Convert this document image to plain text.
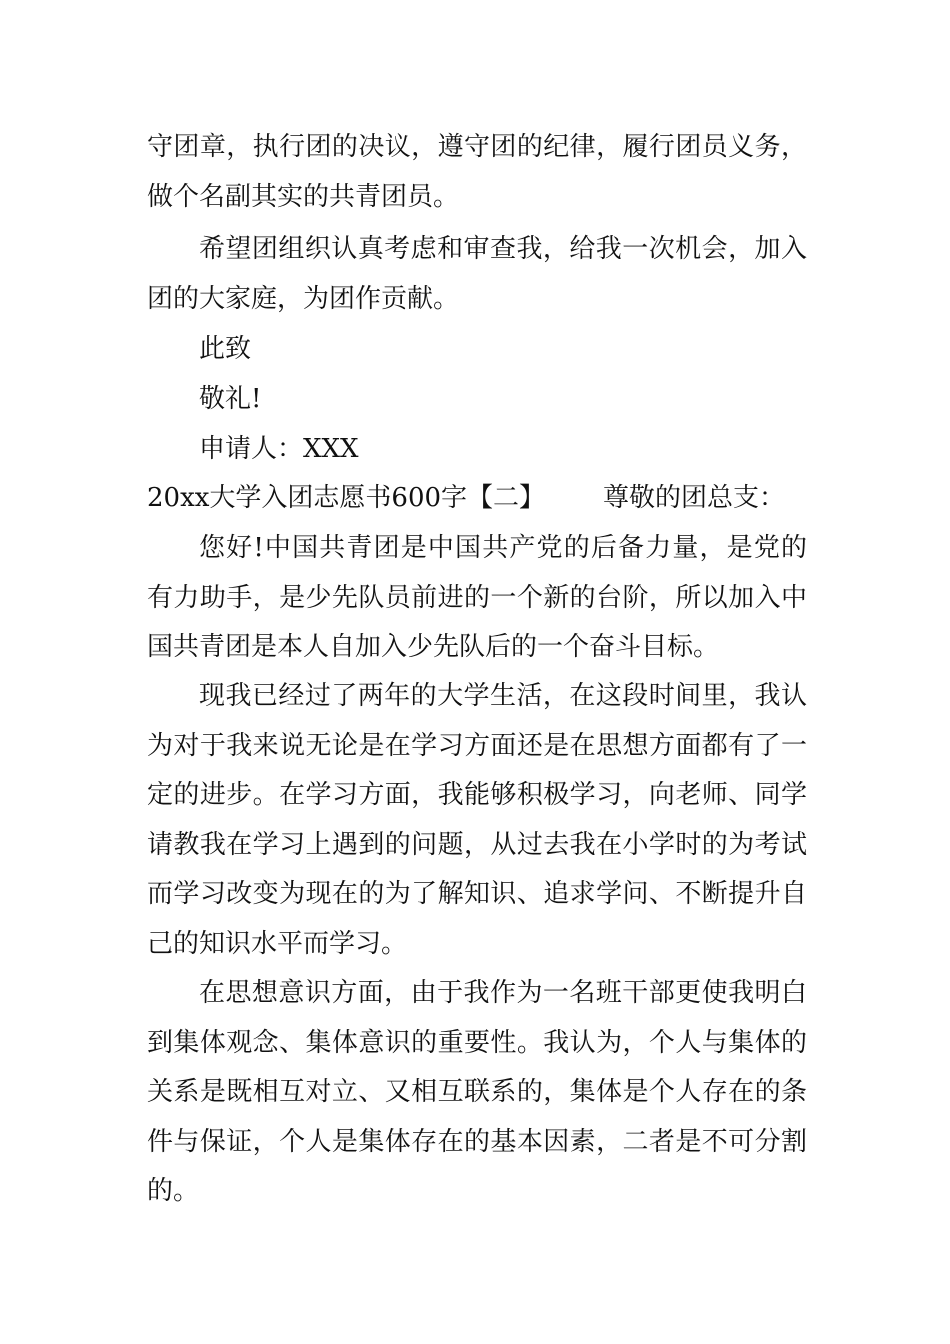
守团章，执行团的决议，遵守团的纪律，履行团员义务，做个名副其实的共青团员。

希望团组织认真考虑和审查我，给我一次机会，加入团的大家庭，为团作贡献。

此致
敬礼!
申请人：XXX
20xx大学入团志愿书600字【二】 尊敬的团总支：

您好!中国共青团是中国共产党的后备力量，是党的有力助手，是少先队员前进的一个新的台阶，所以加入中国共青团是本人自加入少先队后的一个奋斗目标。

现我已经过了两年的大学生活，在这段时间里，我认为对于我来说无论是在学习方面还是在思想方面都有了一定的进步。在学习方面，我能够积极学习，向老师、同学请教我在学习上遇到的问题，从过去我在小学时的为考试而学习改变为现在的为了解知识、追求学问、不断提升自己的知识水平而学习。

在思想意识方面，由于我作为一名班干部更使我明白到集体观念、集体意识的重要性。我认为，个人与集体的关系是既相互对立、又相互联系的，集体是个人存在的条件与保证，个人是集体存在的基本因素，二者是不可分割的。
